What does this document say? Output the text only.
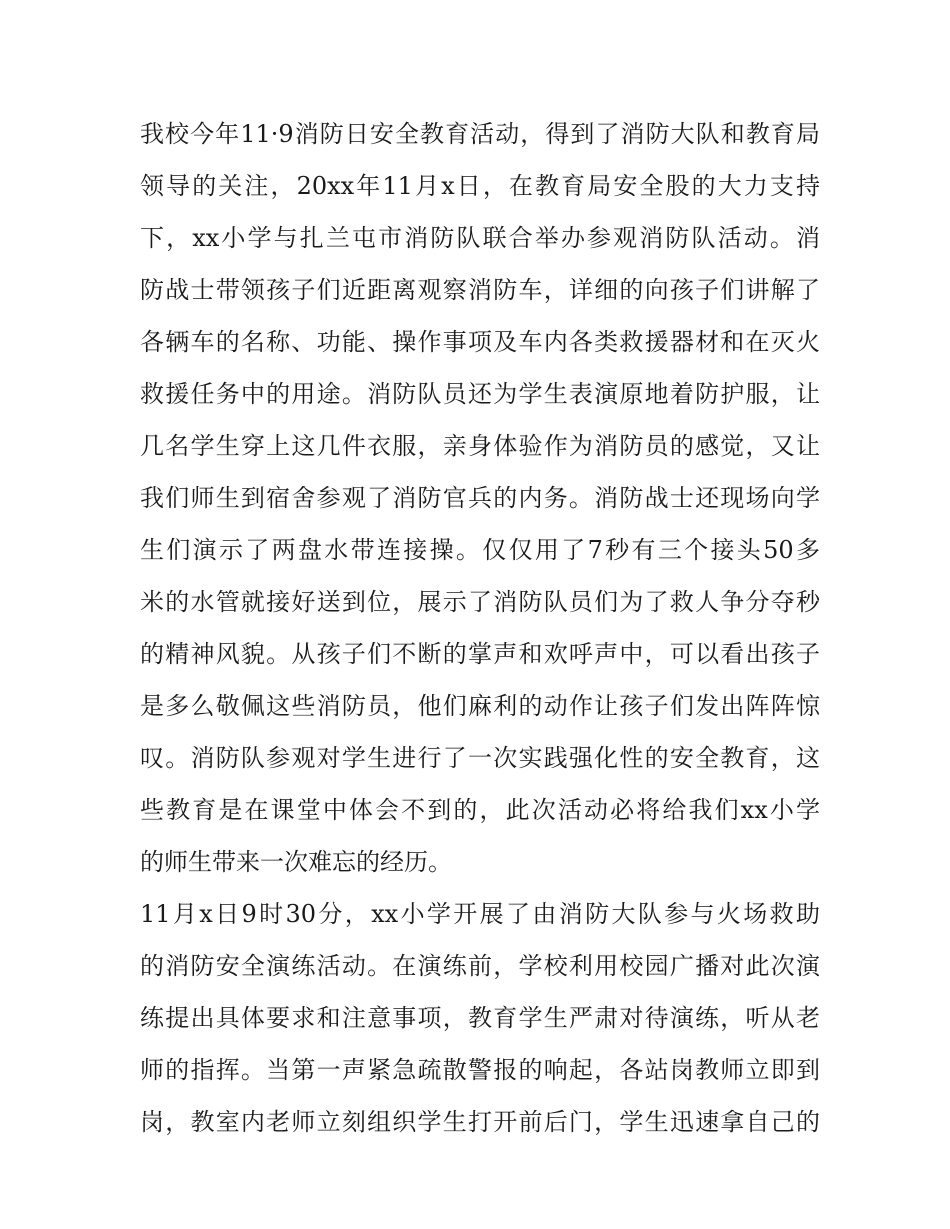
我校今年11·9消防日安全教育活动，得到了消防大队和教育局
领导的关注，20xx年11月x日，在教育局安全股的大力支持
下，xx小学与扎兰屯市消防队联合举办参观消防队活动。消
防战士带领孩子们近距离观察消防车，详细的向孩子们讲解了
各辆车的名称、功能、操作事项及车内各类救援器材和在灭火
救援任务中的用途。消防队员还为学生表演原地着防护服，让
几名学生穿上这几件衣服，亲身体验作为消防员的感觉，又让
我们师生到宿舍参观了消防官兵的内务。消防战士还现场向学
生们演示了两盘水带连接操。仅仅用了7秒有三个接头50多
米的水管就接好送到位，展示了消防队员们为了救人争分夺秒
的精神风貌。从孩子们不断的掌声和欢呼声中，可以看出孩子
是多么敬佩这些消防员，他们麻利的动作让孩子们发出阵阵惊
叹。消防队参观对学生进行了一次实践强化性的安全教育，这
些教育是在课堂中体会不到的，此次活动必将给我们xx小学
的师生带来一次难忘的经历。
11月x日9时30分，xx小学开展了由消防大队参与火场救助
的消防安全演练活动。在演练前，学校利用校园广播对此次演
练提出具体要求和注意事项，教育学生严肃对待演练，听从老
师的指挥。当第一声紧急疏散警报的响起，各站岗教师立即到
岗，教室内老师立刻组织学生打开前后门，学生迅速拿自己的
